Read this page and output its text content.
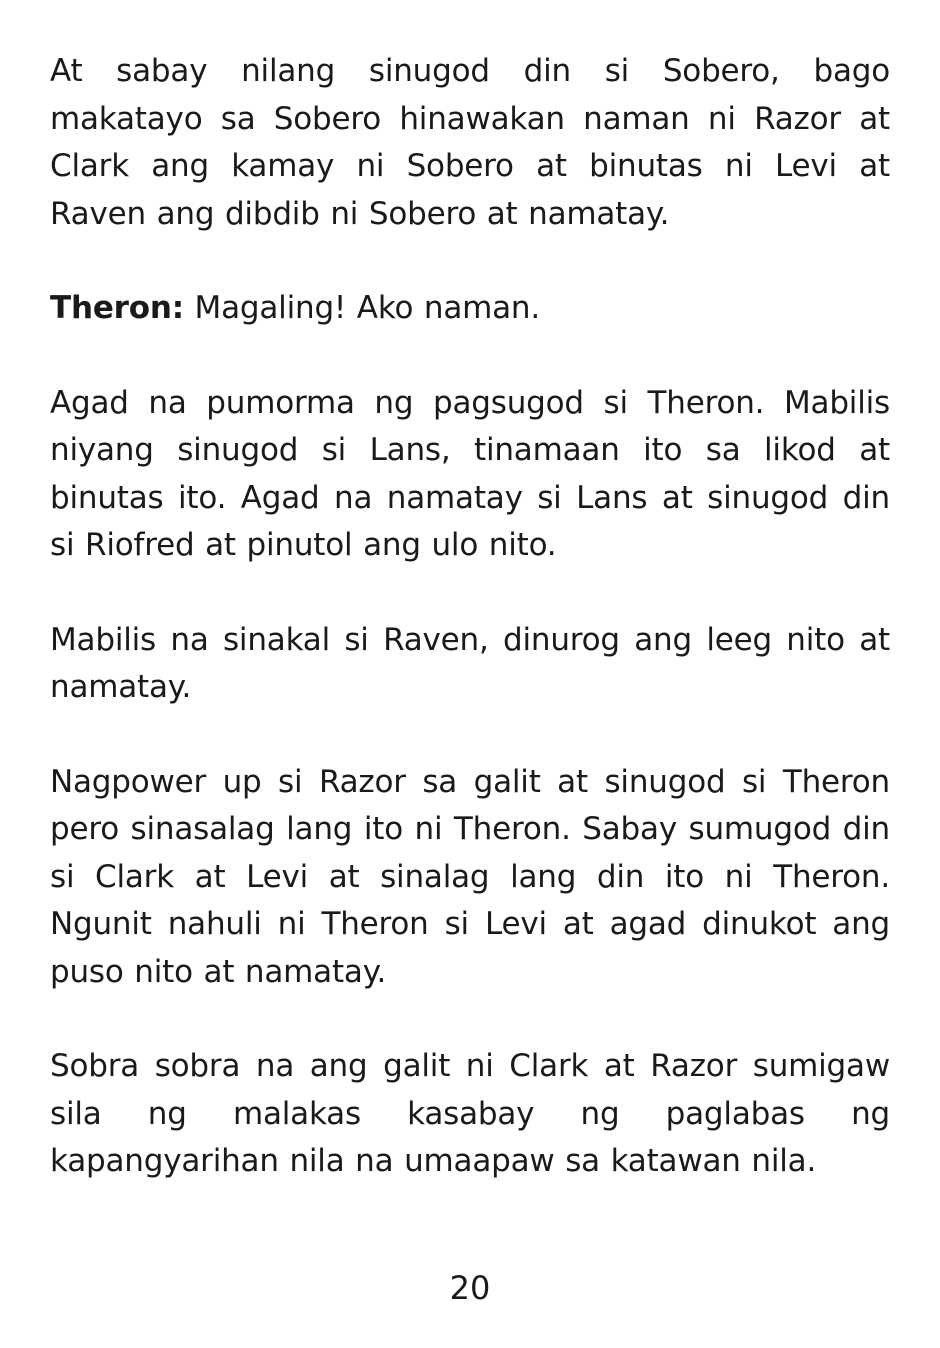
At sabay nilang sinugod din si Sobero, bago makatayo sa Sobero hinawakan naman ni Razor at Clark ang kamay ni Sobero at binutas ni Levi at Raven ang dibdib ni Sobero at namatay.

Theron: Magaling! Ako naman.

Agad na pumorma ng pagsugod si Theron. Mabilis niyang sinugod si Lans, tinamaan ito sa likod at binutas ito. Agad na namatay si Lans at sinugod din si Riofred at pinutol ang ulo nito.

Mabilis na sinakal si Raven, dinurog ang leeg nito at namatay.

Nagpower up si Razor sa galit at sinugod si Theron pero sinasalag lang ito ni Theron. Sabay sumugod din si Clark at Levi at sinalag lang din ito ni Theron. Ngunit nahuli ni Theron si Levi at agad dinukot ang puso nito at namatay.

Sobra sobra na ang galit ni Clark at Razor sumigaw sila ng malakas kasabay ng paglabas ng kapangyarihan nila na umaapaw sa katawan nila.

20
